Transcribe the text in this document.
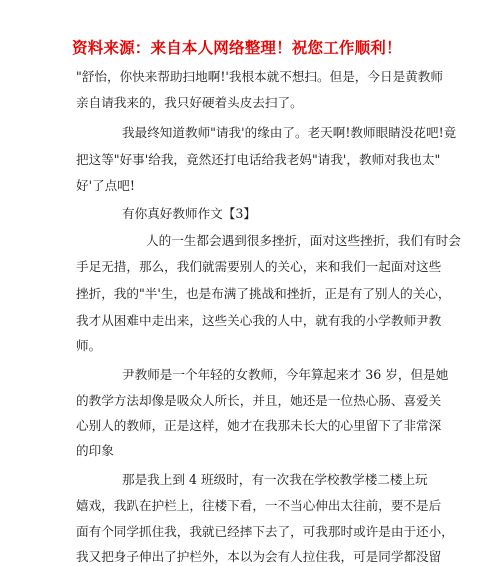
资料来源：来自本人网络整理！祝您工作顺利！
"舒怡，你快来帮助扫地啊!'我根本就不想扫。但是，今日是黄教师
亲自请我来的，我只好硬着头皮去扫了。
我最终知道教师"请我'的缘由了。老天啊!教师眼睛没花吧!竟
把这等"好事'给我，竟然还打电话给我老妈"请我'，教师对我也太"
好'了点吧!
有你真好教师作文【3】
人的一生都会遇到很多挫折，面对这些挫折，我们有时会
手足无措，那么，我们就需要别人的关心，来和我们一起面对这些
挫折，我的"半'生，也是布满了挑战和挫折，正是有了别人的关心，
我才从困难中走出来，这些关心我的人中，就有我的小学教师尹教
师。
尹教师是一个年轻的女教师，今年算起来才 36 岁，但是她
的教学方法却像是吸众人所长，并且，她还是一位热心肠、喜爱关
心别人的教师，正是这样，她才在我那未长大的心里留下了非常深
的印象
那是我上到 4 班级时，有一次我在学校教学楼二楼上玩
嬉戏，我趴在护栏上，往楼下看，一不当心伸出太往前，要不是后
面有个同学抓住我，我就已经摔下去了，可我那时或许是由于还小，
我又把身子伸出了护栏外，本以为会有人拉住我，可是同学都没留
